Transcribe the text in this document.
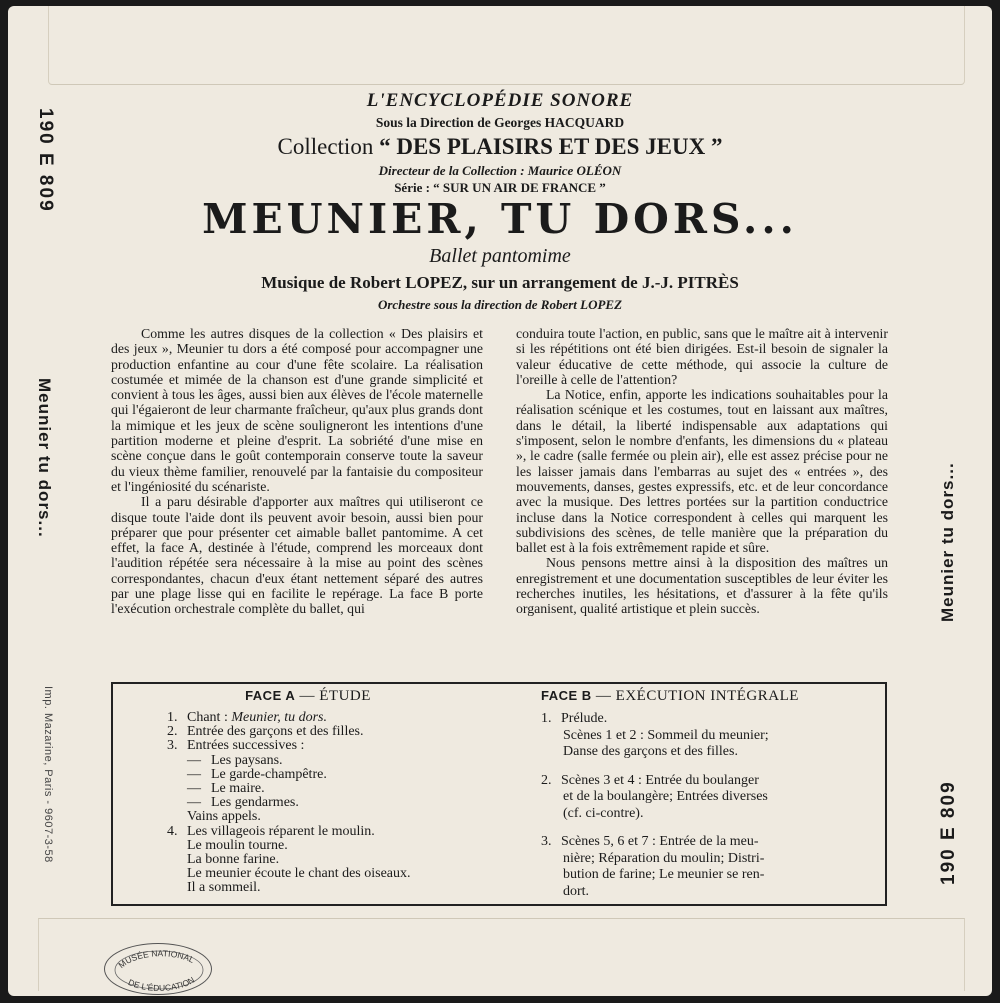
190 E 809
Meunier tu dors...
Imp. Mazarine, Paris - 9607-3-58
Meunier tu dors...
190 E 809
L'ENCYCLOPÉDIE SONORE
Sous la Direction de Georges HACQUARD
Collection “ DES PLAISIRS ET DES JEUX ”
Directeur de la Collection : Maurice OLÉON
Série : “ SUR UN AIR DE FRANCE ”
MEUNIER, TU DORS...
Ballet pantomime
Musique de Robert LOPEZ, sur un arrangement de J.-J. PITRÈS
Orchestre sous la direction de Robert LOPEZ

Comme les autres disques de la collection « Des plaisirs et des jeux », Meunier tu dors a été composé pour accompagner une production enfantine au cour d'une fête scolaire. La réalisation costumée et mimée de la chanson est d'une grande simplicité et convient à tous les âges, aussi bien aux élèves de l'école maternelle qui l'égaieront de leur charmante fraîcheur, qu'aux plus grands dont la mimique et les jeux de scène souligneront les intentions d'une partition moderne et pleine d'esprit. La sobriété d'une mise en scène conçue dans le goût contemporain conserve toute la saveur du vieux thème familier, renouvelé par la fantaisie du compositeur et l'ingéniosité du scénariste.

Il a paru désirable d'apporter aux maîtres qui utiliseront ce disque toute l'aide dont ils peuvent avoir besoin, aussi bien pour préparer que pour présenter cet aimable ballet pantomime. A cet effet, la face A, destinée à l'étude, comprend les morceaux dont l'audition répétée sera nécessaire à la mise au point des scènes correspondantes, chacun d'eux étant nettement séparé des autres par une plage lisse qui en facilite le repérage. La face B porte l'exécution orchestrale complète du ballet, qui

conduira toute l'action, en public, sans que le maître ait à intervenir si les répétitions ont été bien dirigées. Est-il besoin de signaler la valeur éducative de cette méthode, qui associe la culture de l'oreille à celle de l'attention?

La Notice, enfin, apporte les indications souhaitables pour la réalisation scénique et les costumes, tout en laissant aux maîtres, dans le détail, la liberté indispensable aux adaptations qui s'imposent, selon le nombre d'enfants, les dimensions du « plateau », le cadre (salle fermée ou plein air), elle est assez précise pour ne les laisser jamais dans l'embarras au sujet des « entrées », des mouvements, danses, gestes expressifs, etc. et de leur concordance avec la musique. Des lettres portées sur la partition conductrice incluse dans la Notice correspondent à celles qui marquent les subdivisions des scènes, de telle manière que la préparation du ballet est à la fois extrêmement rapide et sûre.

Nous pensons mettre ainsi à la disposition des maîtres un enregistrement et une documentation susceptibles de leur éviter les recherches inutiles, les hésitations, et d'assurer à la fête qu'ils organisent, qualité artistique et plein succès.

FACE A — ÉTUDE
1. Chant : Meunier, tu dors.
2. Entrée des garçons et des filles.
3. Entrées successives :
— Les paysans.
— Le garde-champêtre.
— Le maire.
— Les gendarmes.
Vains appels.
4. Les villageois réparent le moulin.
Le moulin tourne.
La bonne farine.
Le meunier écoute le chant des oiseaux.
Il a sommeil.
FACE B — EXÉCUTION INTÉGRALE
1. Prélude.
Scènes 1 et 2 : Sommeil du meunier;
Danse des garçons et des filles.
2. Scènes 3 et 4 : Entrée du boulanger
et de la boulangère; Entrées diverses
(cf. ci-contre).
3. Scènes 5, 6 et 7 : Entrée de la meu-
nière; Réparation du moulin; Distri-
bution de farine; Le meunier se ren-
dort.
MUSÉE NATIONAL
DE L'ÉDUCATION
